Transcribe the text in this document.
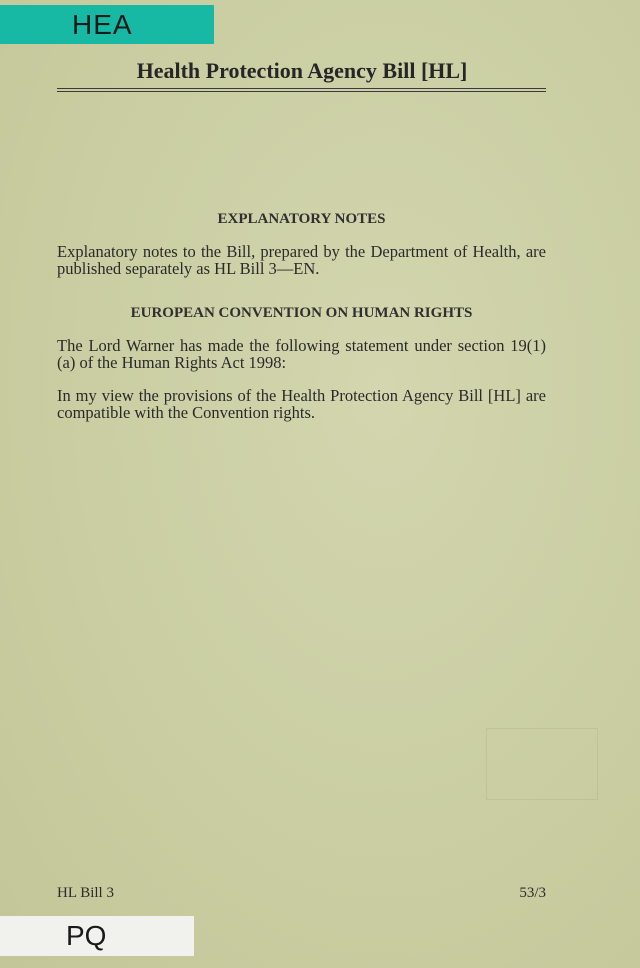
HEA
Health Protection Agency Bill [HL]
EXPLANATORY NOTES

Explanatory notes to the Bill, prepared by the Department of Health, are published separately as HL Bill 3—EN.

EUROPEAN CONVENTION ON HUMAN RIGHTS

The Lord Warner has made the following statement under section 19(1)(a) of the Human Rights Act 1998:

In my view the provisions of the Health Protection Agency Bill [HL] are compatible with the Convention rights.

HL Bill 3	53/3
PQ
